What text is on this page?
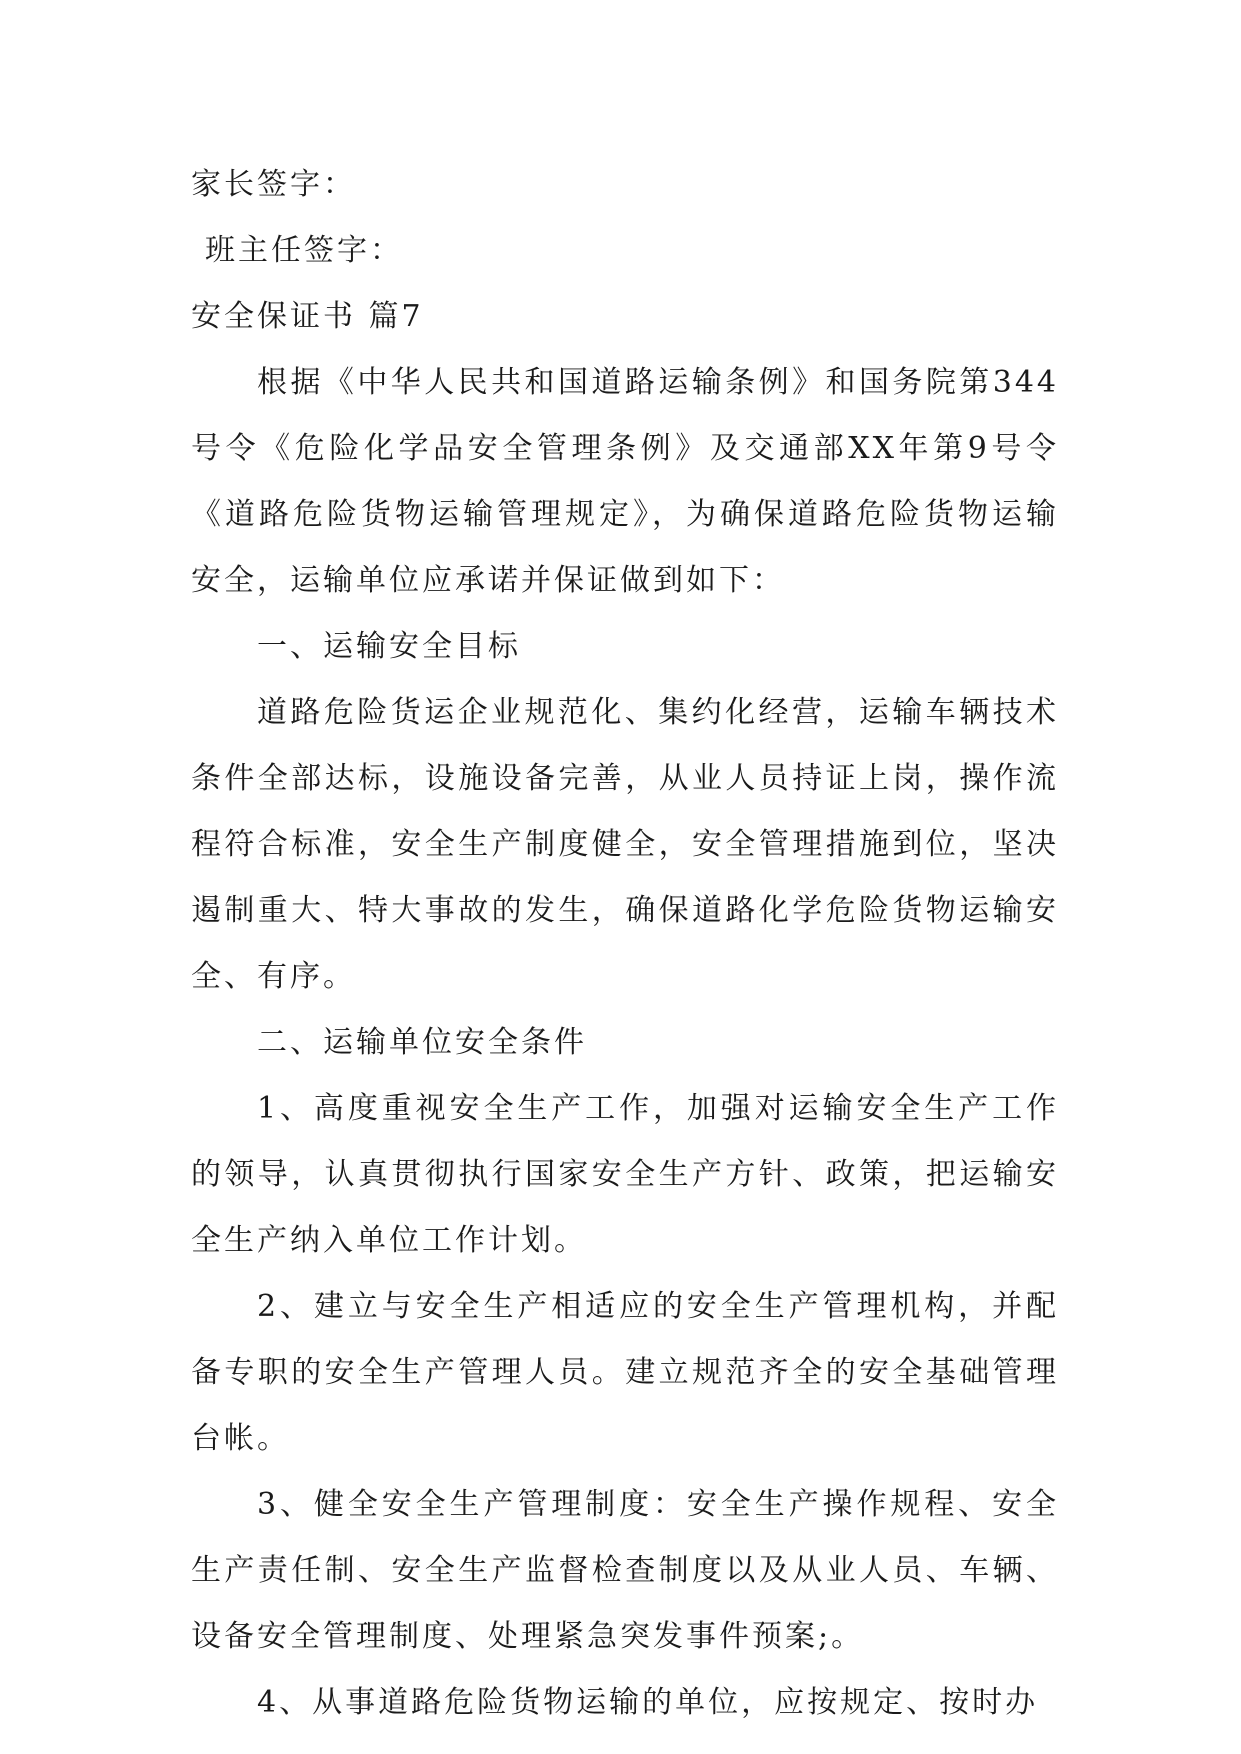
家长签字：
班主任签字：
安全保证书 篇7

根据《中华人民共和国道路运输条例》和国务院第344号令《危险化学品安全管理条例》及交通部XX年第9号令《道路危险货物运输管理规定》，为确保道路危险货物运输安全，运输单位应承诺并保证做到如下：

一、运输安全目标

道路危险货运企业规范化、集约化经营，运输车辆技术条件全部达标，设施设备完善，从业人员持证上岗，操作流程符合标准，安全生产制度健全，安全管理措施到位，坚决遏制重大、特大事故的发生，确保道路化学危险货物运输安全、有序。

二、运输单位安全条件

1、高度重视安全生产工作，加强对运输安全生产工作的领导，认真贯彻执行国家安全生产方针、政策，把运输安全生产纳入单位工作计划。

2、建立与安全生产相适应的安全生产管理机构，并配备专职的安全生产管理人员。建立规范齐全的安全基础管理台帐。

3、健全安全生产管理制度：安全生产操作规程、安全生产责任制、安全生产监督检查制度以及从业人员、车辆、设备安全管理制度、处理紧急突发事件预案;。

4、从事道路危险货物运输的单位，应按规定、按时办
